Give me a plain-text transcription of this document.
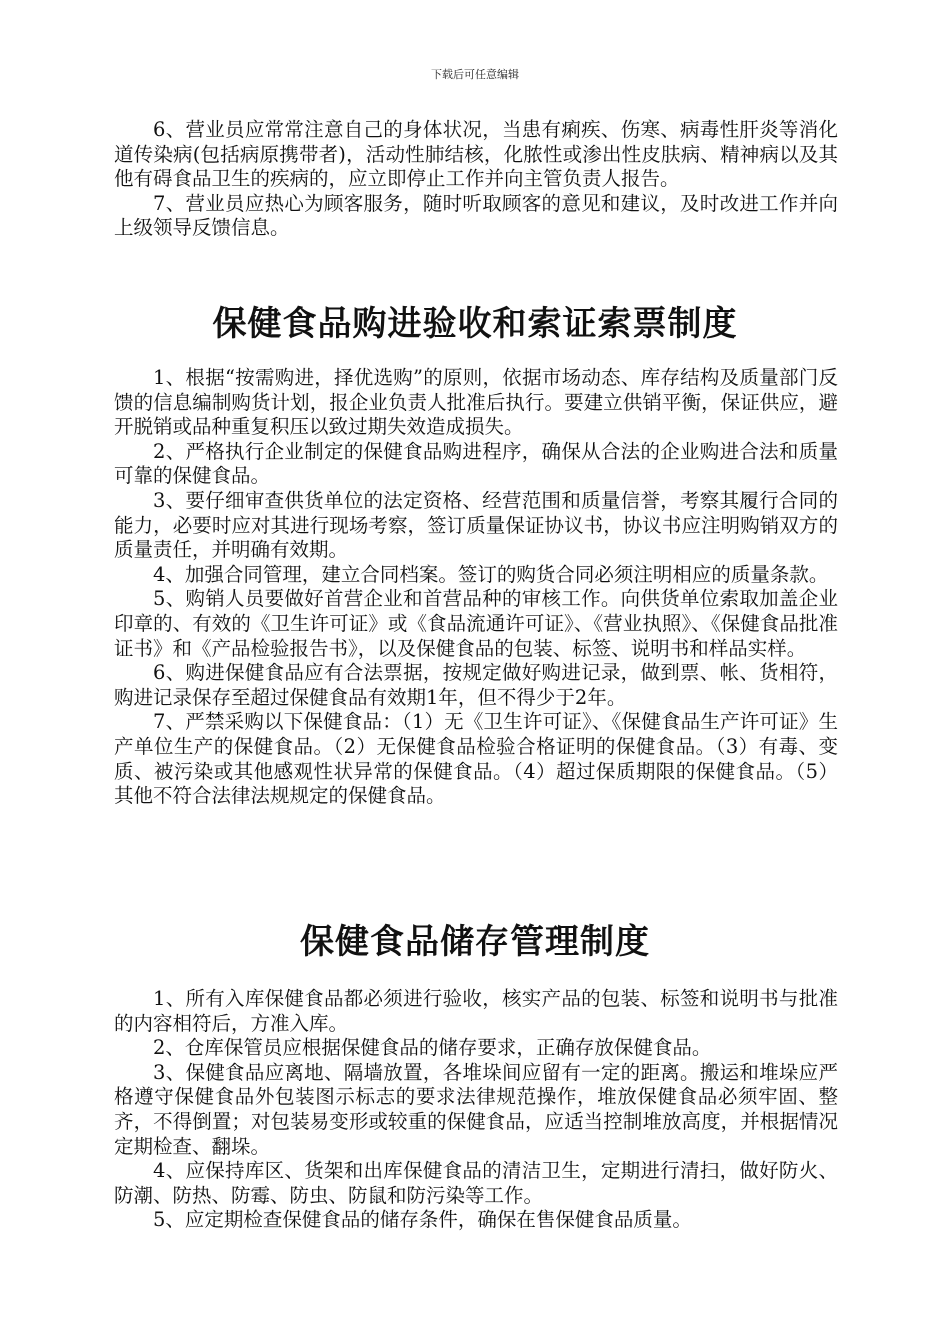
下载后可任意编辑

6、营业员应常常注意自己的身体状况，当患有痢疾、伤寒、病毒性肝炎等消化道传染病(包括病原携带者)，活动性肺结核，化脓性或渗出性皮肤病、精神病以及其他有碍食品卫生的疾病的，应立即停止工作并向主管负责人报告。

7、营业员应热心为顾客服务，随时听取顾客的意见和建议，及时改进工作并向上级领导反馈信息。

保健食品购进验收和索证索票制度

1、根据“按需购进，择优选购”的原则，依据市场动态、库存结构及质量部门反馈的信息编制购货计划，报企业负责人批准后执行。要建立供销平衡，保证供应，避开脱销或品种重复积压以致过期失效造成损失。

2、严格执行企业制定的保健食品购进程序，确保从合法的企业购进合法和质量可靠的保健食品。

3、要仔细审查供货单位的法定资格、经营范围和质量信誉，考察其履行合同的能力，必要时应对其进行现场考察，签订质量保证协议书，协议书应注明购销双方的质量责任，并明确有效期。

4、加强合同管理，建立合同档案。签订的购货合同必须注明相应的质量条款。

5、购销人员要做好首营企业和首营品种的审核工作。向供货单位索取加盖企业印章的、有效的《卫生许可证》或《食品流通许可证》、《营业执照》、《保健食品批准证书》和《产品检验报告书》，以及保健食品的包装、标签、说明书和样品实样。

6、购进保健食品应有合法票据，按规定做好购进记录，做到票、帐、货相符，购进记录保存至超过保健食品有效期1年，但不得少于2年。

7、严禁采购以下保健食品：（1）无《卫生许可证》、《保健食品生产许可证》生产单位生产的保健食品。（2）无保健食品检验合格证明的保健食品。（3）有毒、变质、被污染或其他感观性状异常的保健食品。（4）超过保质期限的保健食品。（5）其他不符合法律法规规定的保健食品。

保健食品储存管理制度

1、所有入库保健食品都必须进行验收，核实产品的包装、标签和说明书与批准的内容相符后，方准入库。

2、仓库保管员应根据保健食品的储存要求，正确存放保健食品。

3、保健食品应离地、隔墙放置，各堆垛间应留有一定的距离。搬运和堆垛应严格遵守保健食品外包装图示标志的要求法律规范操作，堆放保健食品必须牢固、整齐，不得倒置；对包装易变形或较重的保健食品，应适当控制堆放高度，并根据情况定期检查、翻垛。

4、应保持库区、货架和出库保健食品的清洁卫生，定期进行清扫，做好防火、防潮、防热、防霉、防虫、防鼠和防污染等工作。

5、应定期检查保健食品的储存条件，确保在售保健食品质量。
